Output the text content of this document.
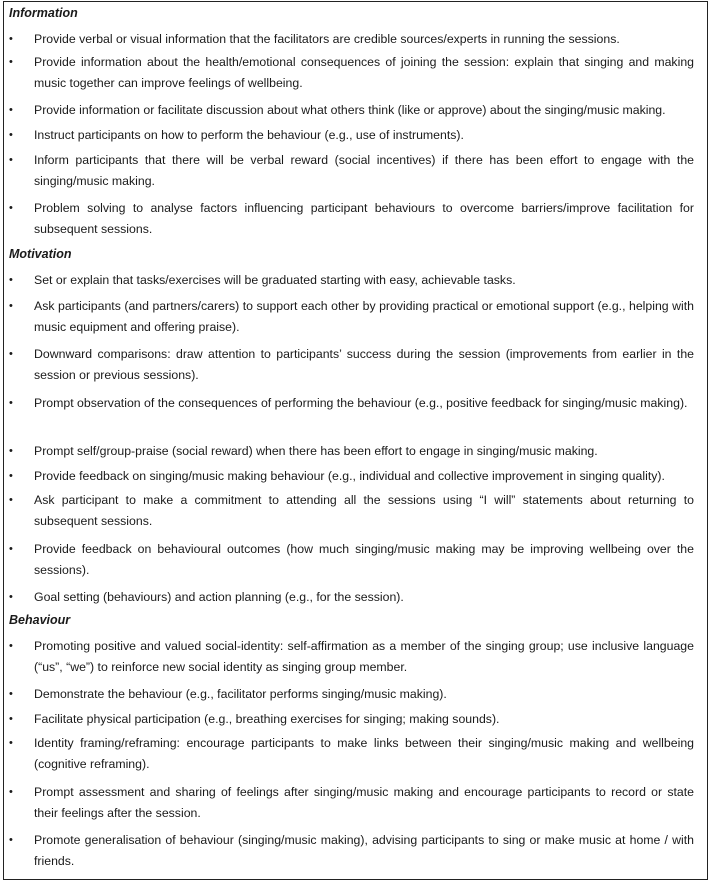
Information
• Provide verbal or visual information that the facilitators are credible sources/experts in running the sessions.
• Provide information about the health/emotional consequences of joining the session: explain that singing and making music together can improve feelings of wellbeing.
• Provide information or facilitate discussion about what others think (like or approve) about the singing/music making.
• Instruct participants on how to perform the behaviour (e.g., use of instruments).
• Inform participants that there will be verbal reward (social incentives) if there has been effort to engage with the singing/music making.
• Problem solving to analyse factors influencing participant behaviours to overcome barriers/improve facilitation for subsequent sessions.
Motivation
• Set or explain that tasks/exercises will be graduated starting with easy, achievable tasks.
• Ask participants (and partners/carers) to support each other by providing practical or emotional support (e.g., helping with music equipment and offering praise).
• Downward comparisons: draw attention to participants’ success during the session (improvements from earlier in the session or previous sessions).
• Prompt observation of the consequences of performing the behaviour (e.g., positive feedback for singing/music making).
• Prompt self/group-praise (social reward) when there has been effort to engage in singing/music making.
• Provide feedback on singing/music making behaviour (e.g., individual and collective improvement in singing quality).
• Ask participant to make a commitment to attending all the sessions using “I will” statements about returning to subsequent sessions.
• Provide feedback on behavioural outcomes (how much singing/music making may be improving wellbeing over the sessions).
• Goal setting (behaviours) and action planning (e.g., for the session).
Behaviour
• Promoting positive and valued social-identity: self-affirmation as a member of the singing group; use inclusive language (“us”, “we”) to reinforce new social identity as singing group member.
• Demonstrate the behaviour (e.g., facilitator performs singing/music making).
• Facilitate physical participation (e.g., breathing exercises for singing; making sounds).
• Identity framing/reframing: encourage participants to make links between their singing/music making and wellbeing (cognitive reframing).
• Prompt assessment and sharing of feelings after singing/music making and encourage participants to record or state their feelings after the session.
• Promote generalisation of behaviour (singing/music making), advising participants to sing or make music at home / with friends.
